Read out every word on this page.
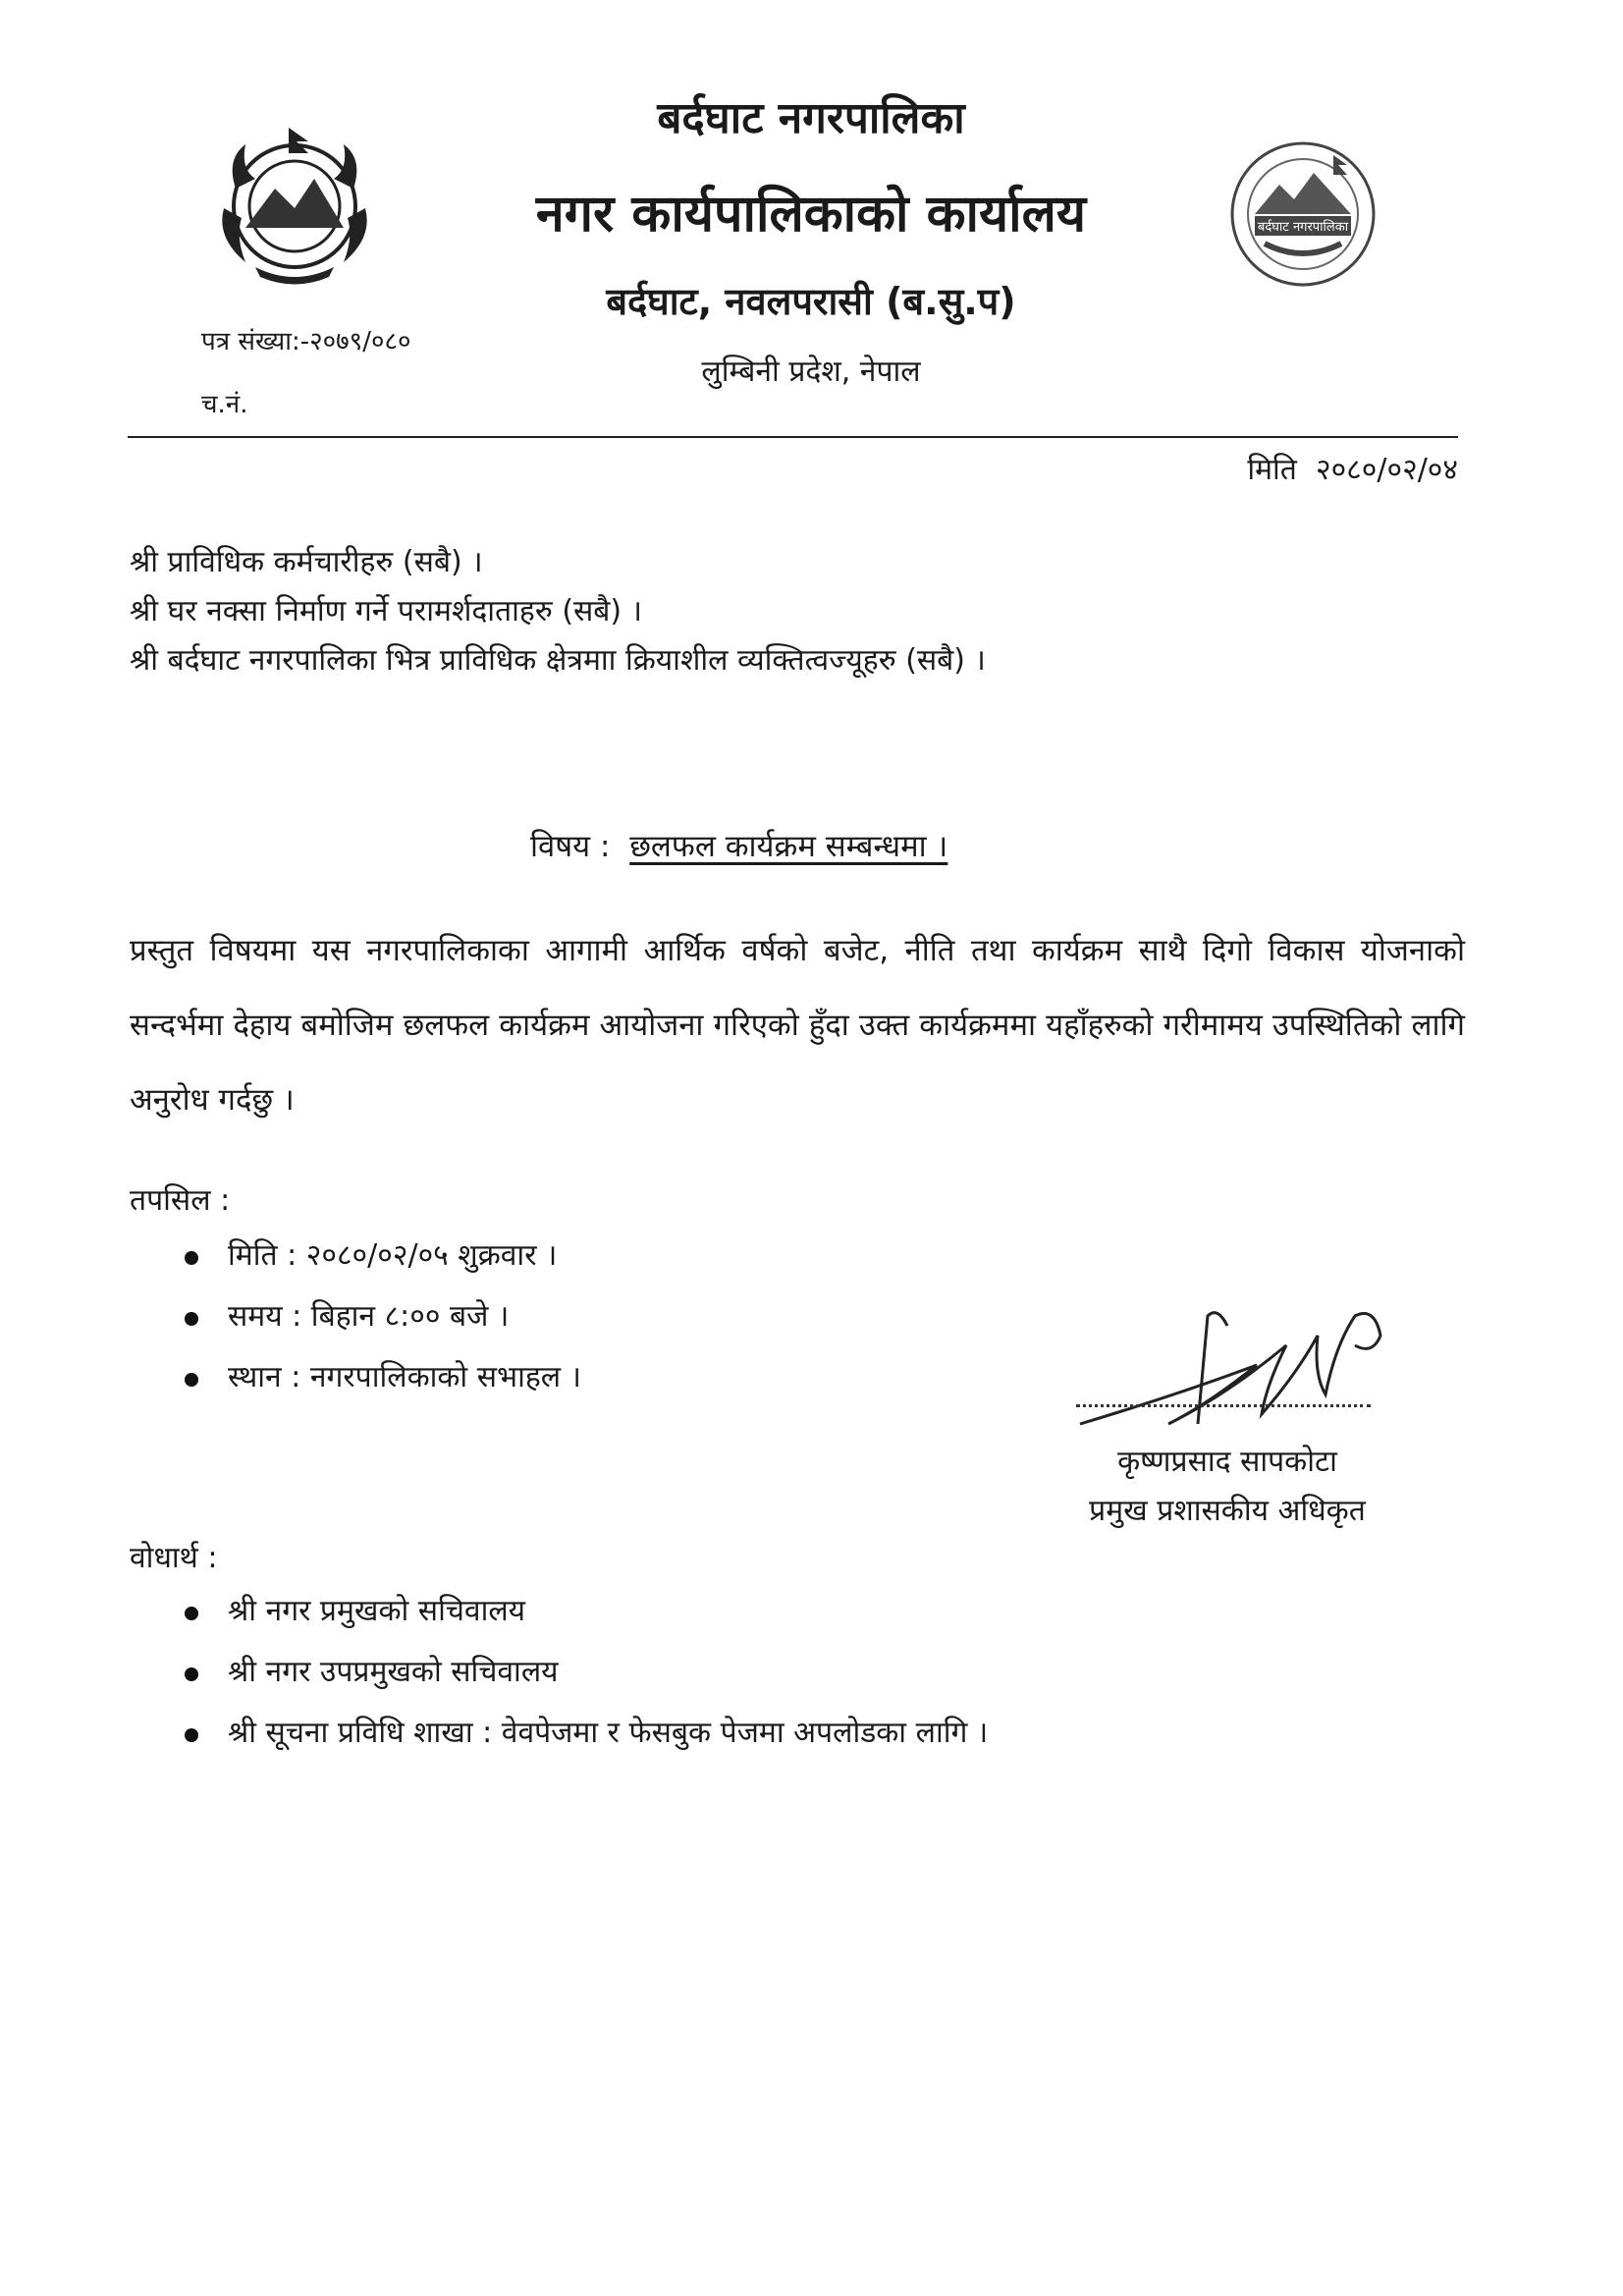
बर्दघाट नगरपालिका
बर्दघाट नगरपालिका
नगर कार्यपालिकाको कार्यालय
बर्दघाट, नवलपरासी (ब.सु.प)
लुम्बिनी प्रदेश, नेपाल
पत्र संख्या:-२०७९/०८०
च.नं.
मिति २०८०/०२/०४
श्री प्राविधिक कर्मचारीहरु (सबै) ।
श्री घर नक्सा निर्माण गर्ने परामर्शदाताहरु (सबै) ।
श्री बर्दघाट नगरपालिका भित्र प्राविधिक क्षेत्रमाा क्रियाशील व्यक्तित्वज्यूहरु (सबै) ।
विषय : छलफल कार्यक्रम सम्बन्धमा ।
प्रस्तुत विषयमा यस नगरपालिकाका आगामी आर्थिक वर्षको बजेट, नीति तथा कार्यक्रम साथै दिगो विकास योजनाको सन्दर्भमा देहाय बमोजिम छलफल कार्यक्रम आयोजना गरिएको हुँदा उक्त कार्यक्रममा यहाँहरुको गरीमामय उपस्थितिको लागि अनुरोध गर्दछु ।
तपसिल :
मिति : २०८०/०२/०५ शुक्रवार ।
समय : बिहान ८:०० बजे ।
स्थान : नगरपालिकाको सभाहल ।
कृष्णप्रसाद सापकोटा
प्रमुख प्रशासकीय अधिकृत
वोधार्थ :
श्री नगर प्रमुखको सचिवालय
श्री नगर उपप्रमुखको सचिवालय
श्री सूचना प्रविधि शाखा : वेवपेजमा र फेसबुक पेजमा अपलोडका लागि ।
